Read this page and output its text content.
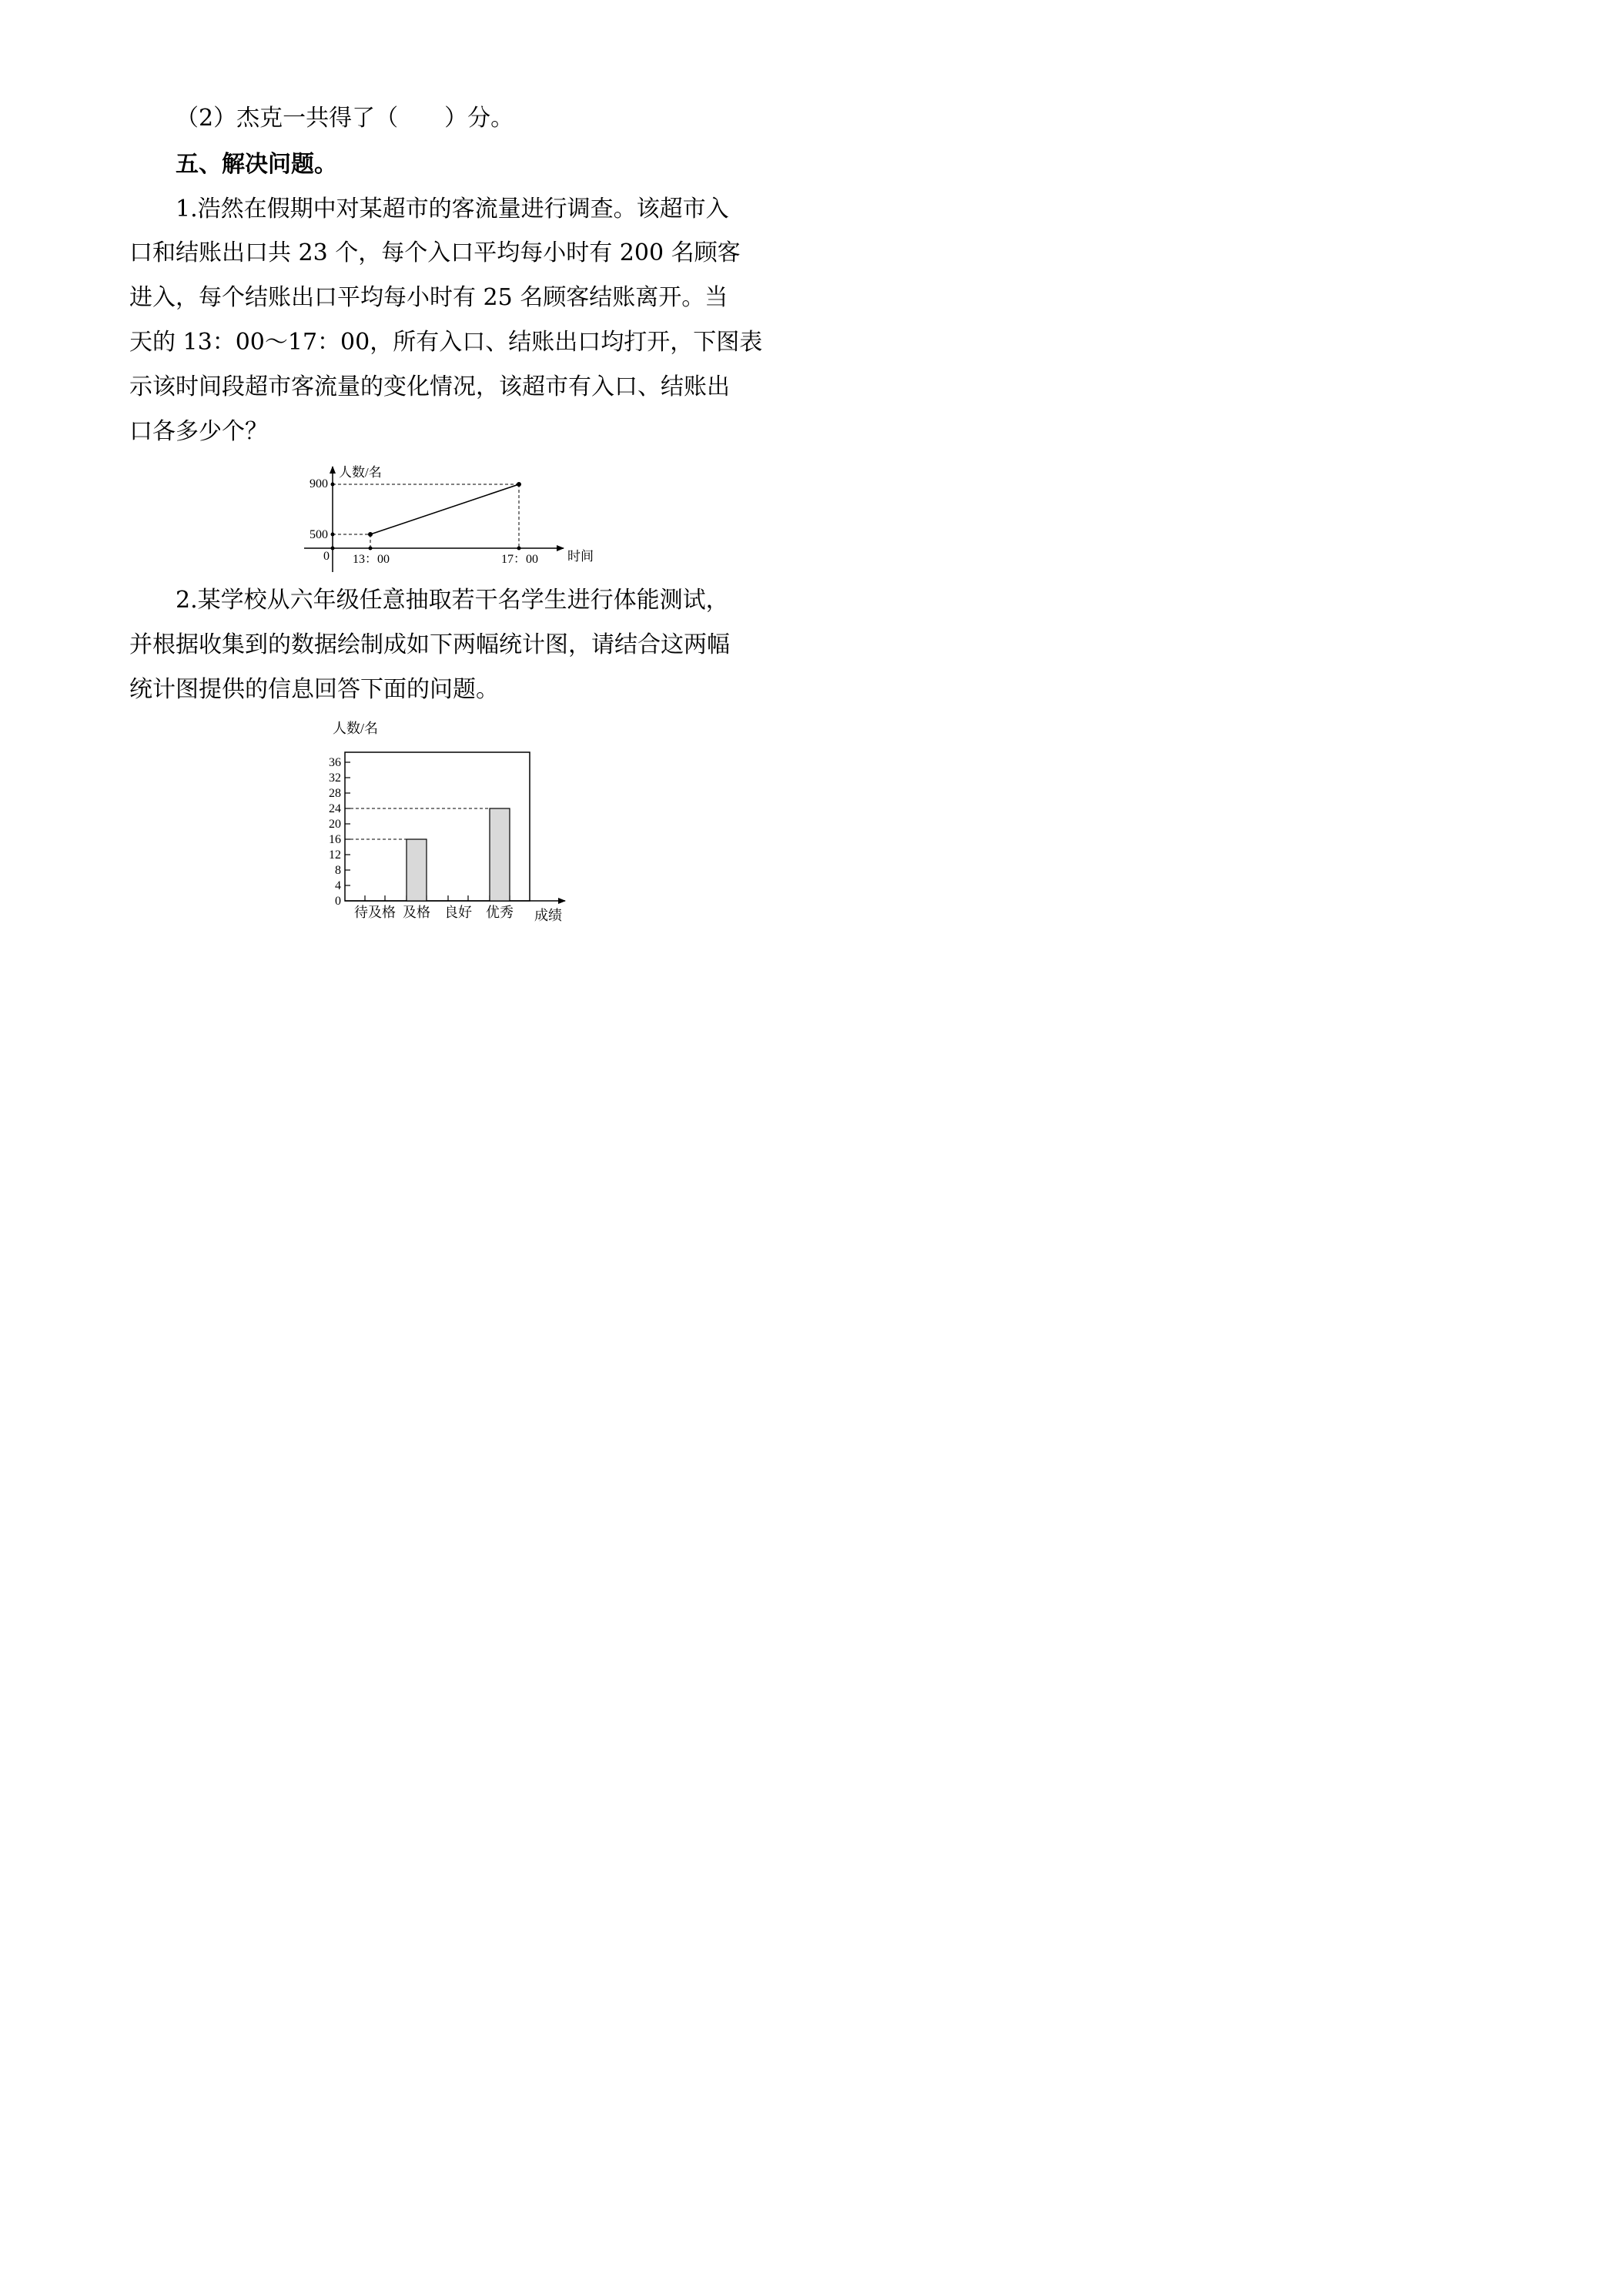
（2）杰克一共得了（　　）分。

五、解决问题。

1.浩然在假期中对某超市的客流量进行调查。该超市入

口和结账出口共 23 个，每个入口平均每小时有 200 名顾客

进入，每个结账出口平均每小时有 25 名顾客结账离开。当

天的 13：00～17：00，所有入口、结账出口均打开，下图表

示该时间段超市客流量的变化情况，该超市有入口、结账出

口各多少个？

人数/名
时间
0
500
900
13：00	17：00

2.某学校从六年级任意抽取若干名学生进行体能测试，

并根据收集到的数据绘制成如下两幅统计图，请结合这两幅

统计图提供的信息回答下面的问题。

人数/名
成绩
0
4
8
12
16
20
24
28
32
36
待及格 及格 良好 优秀
